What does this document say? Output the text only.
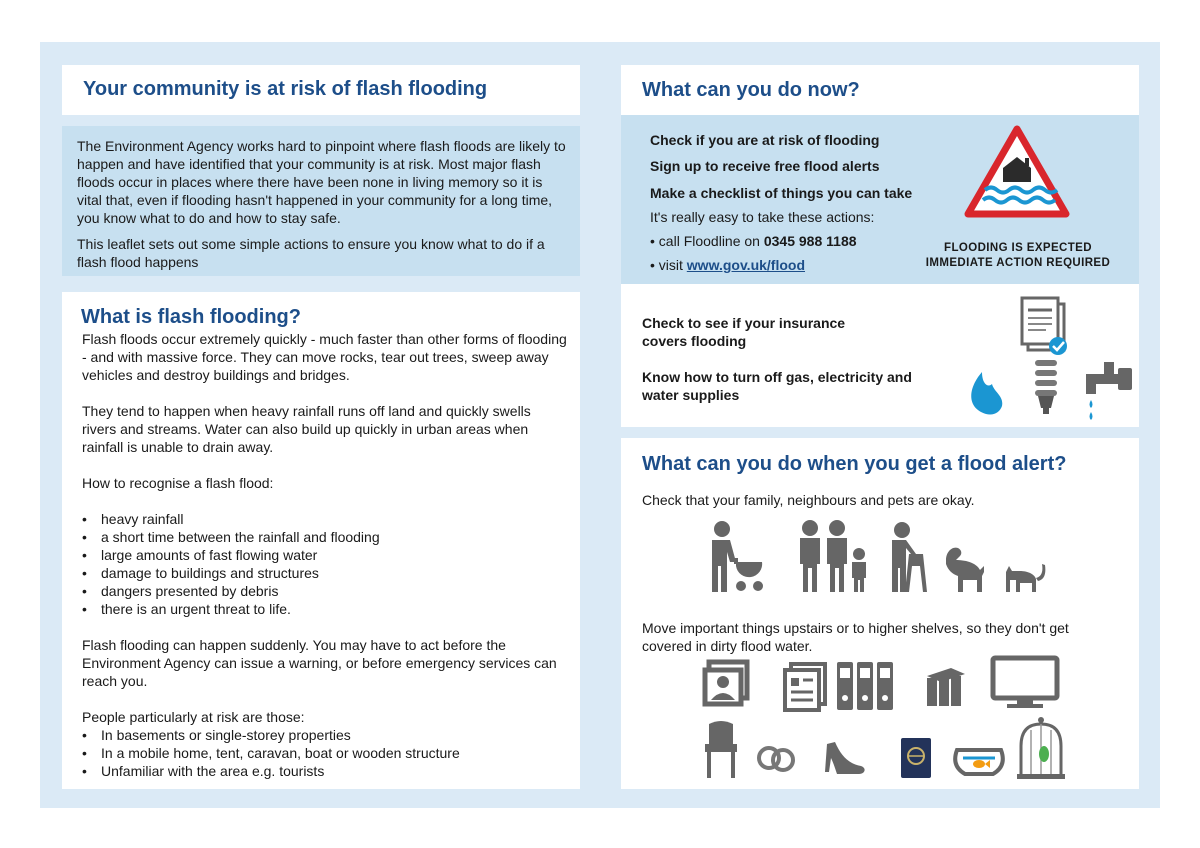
Your community is at risk of flash flooding
The Environment Agency works hard to pinpoint where flash floods are likely to happen and have identified that your community is at risk. Most major flash floods occur in places where there have been none in living memory so it is vital that, even if flooding hasn't happened in your community for a long time, you know what to do and how to stay safe.
This leaflet sets out some simple actions to ensure you know what to do if a flash flood happens
What is flash flooding?
Flash floods occur extremely quickly - much faster than other forms of flooding - and with massive force. They can move rocks, tear out trees, sweep away vehicles and destroy buildings and bridges.
They tend to happen when heavy rainfall runs off land and quickly swells rivers and streams. Water can also build up quickly in urban areas when rainfall is unable to drain away.
How to recognise a flash flood:
• heavy rainfall
• a short time between the rainfall and flooding
• large amounts of fast flowing water
• damage to buildings and structures
• dangers presented by debris
• there is an urgent threat to life.
Flash flooding can happen suddenly. You may have to act before the Environment Agency can issue a warning, or before emergency services can reach you.
People particularly at risk are those:
• In basements or single-storey properties
• In a mobile home, tent, caravan, boat or wooden structure
• Unfamiliar with the area e.g. tourists
What can you do now?
Check if you are at risk of flooding
Sign up to receive free flood alerts
Make a checklist of things you can take
It's really easy to take these actions:
• call Floodline on 0345 988 1188
• visit www.gov.uk/flood
FLOODING IS EXPECTED
IMMEDIATE ACTION REQUIRED
Check to see if your insurance covers flooding
Know how to turn off gas, electricity and water supplies
What can you do when you get a flood alert?
Check that your family, neighbours and pets are okay.
Move important things upstairs or to higher shelves, so they don't get covered in dirty flood water.
